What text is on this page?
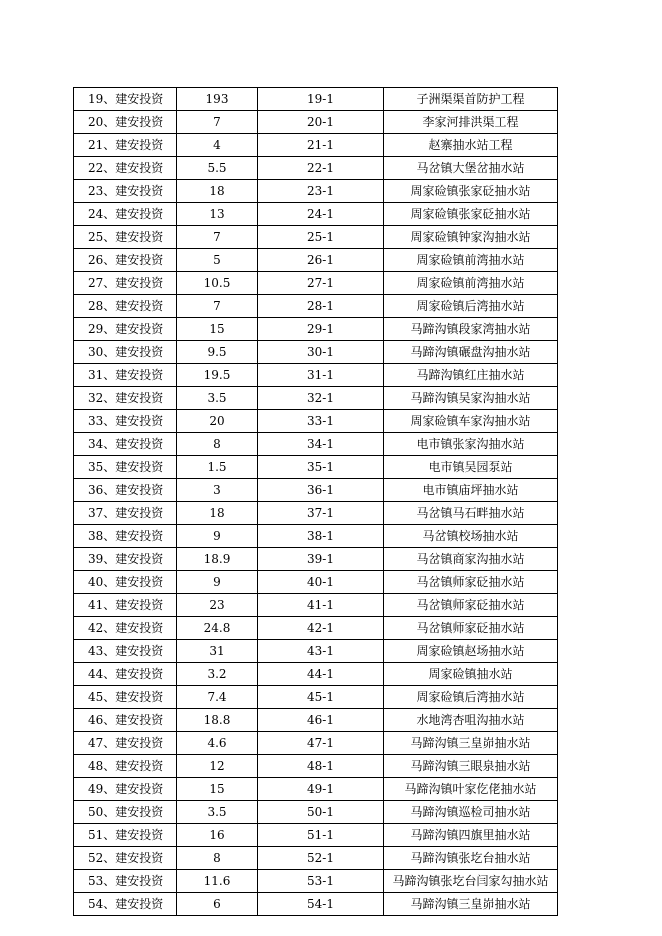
19、建安投资	193	19-1	子洲渠渠首防护工程
20、建安投资	7	20-1	李家河排洪渠工程
21、建安投资	4	21-1	赵寨抽水站工程
22、建安投资	5.5	22-1	马岔镇大堡岔抽水站
23、建安投资	18	23-1	周家硷镇张家砭抽水站
24、建安投资	13	24-1	周家硷镇张家砭抽水站
25、建安投资	7	25-1	周家硷镇钟家沟抽水站
26、建安投资	5	26-1	周家硷镇前湾抽水站
27、建安投资	10.5	27-1	周家硷镇前湾抽水站
28、建安投资	7	28-1	周家硷镇后湾抽水站
29、建安投资	15	29-1	马蹄沟镇段家湾抽水站
30、建安投资	9.5	30-1	马蹄沟镇碾盘沟抽水站
31、建安投资	19.5	31-1	马蹄沟镇红庄抽水站
32、建安投资	3.5	32-1	马蹄沟镇吴家沟抽水站
33、建安投资	20	33-1	周家硷镇车家沟抽水站
34、建安投资	8	34-1	电市镇张家沟抽水站
35、建安投资	1.5	35-1	电市镇吴园泵站
36、建安投资	3	36-1	电市镇庙坪抽水站
37、建安投资	18	37-1	马岔镇马石畔抽水站
38、建安投资	9	38-1	马岔镇校场抽水站
39、建安投资	18.9	39-1	马岔镇商家沟抽水站
40、建安投资	9	40-1	马岔镇师家砭抽水站
41、建安投资	23	41-1	马岔镇师家砭抽水站
42、建安投资	24.8	42-1	马岔镇师家砭抽水站
43、建安投资	31	43-1	周家硷镇赵场抽水站
44、建安投资	3.2	44-1	周家硷镇抽水站
45、建安投资	7.4	45-1	周家硷镇后湾抽水站
46、建安投资	18.8	46-1	水地湾杏咀沟抽水站
47、建安投资	4.6	47-1	马蹄沟镇三皇峁抽水站
48、建安投资	12	48-1	马蹄沟镇三眼泉抽水站
49、建安投资	15	49-1	马蹄沟镇叶家仡佬抽水站
50、建安投资	3.5	50-1	马蹄沟镇巡检司抽水站
51、建安投资	16	51-1	马蹄沟镇四旗里抽水站
52、建安投资	8	52-1	马蹄沟镇张圪台抽水站
53、建安投资	11.6	53-1	马蹄沟镇张圪台闫家勾抽水站
54、建安投资	6	54-1	马蹄沟镇三皇峁抽水站
